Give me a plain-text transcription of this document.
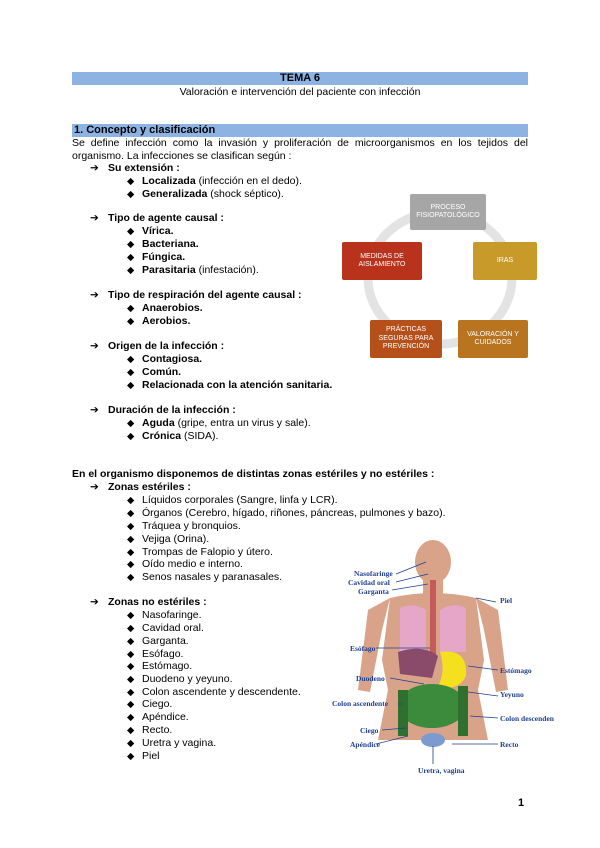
TEMA 6
Valoración e intervención del paciente con infección
1. Concepto y clasificación
Se define infección como la invasión y proliferación de microorganismos en los tejidos del organismo. La infecciones se clasifican según :
➔ Su extensión :
◆ Localizada (infección en el dedo).
◆ Generalizada (shock séptico).
➔ Tipo de agente causal :
◆ Vírica.
◆ Bacteriana.
◆ Fúngica.
◆ Parasitaria (infestación).
➔ Tipo de respiración del agente causal :
◆ Anaerobios.
◆ Aerobios.
➔ Origen de la infección :
◆ Contagiosa.
◆ Común.
◆ Relacionada con la atención sanitaria.
➔ Duración de la infección :
◆ Aguda (gripe, entra un virus y sale).
◆ Crónica (SIDA).
PROCESO FISIOPATOLÓGICO
IRAS
VALORACIÓN Y CUIDADOS
PRÁCTICAS SEGURAS PARA PREVENCIÓN
MEDIDAS DE AISLAMIENTO
En el organismo disponemos de distintas zonas estériles y no estériles :
➔ Zonas estériles :
◆ Líquidos corporales (Sangre, linfa y LCR).
◆ Órganos (Cerebro, hígado, riñones, páncreas, pulmones y bazo).
◆ Tráquea y bronquios.
◆ Vejiga (Orina).
◆ Trompas de Falopio y útero.
◆ Oído medio e interno.
◆ Senos nasales y paranasales.
➔ Zonas no estériles :
◆ Nasofaringe.
◆ Cavidad oral.
◆ Garganta.
◆ Esófago.
◆ Estómago.
◆ Duodeno y yeyuno.
◆ Colon ascendente y descendente.
◆ Ciego.
◆ Apéndice.
◆ Recto.
◆ Uretra y vagina.
◆ Piel
Nasofaringe
Cavidad oral
Garganta
Piel
Esófago
Estómago
Duodeno
Yeyuno
Colon ascendente
Colon descenden
Ciego
Apéndice	Recto
Uretra, vagina
1
